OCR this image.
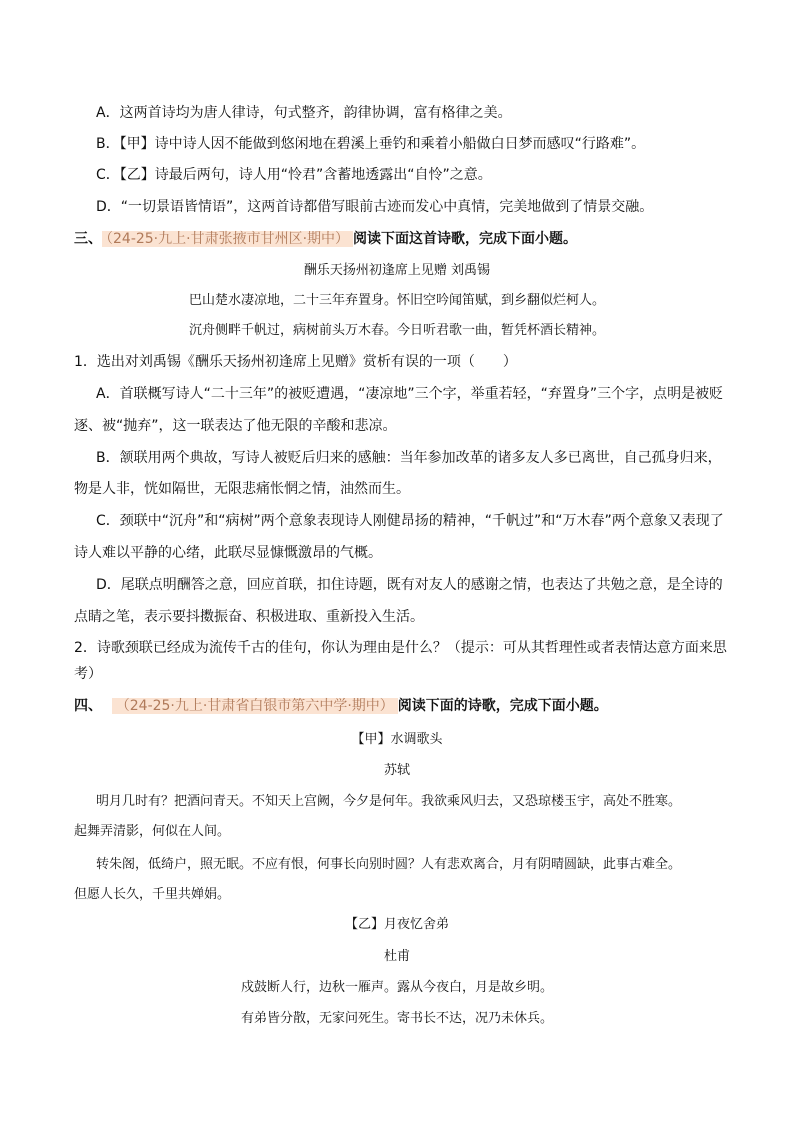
A．这两首诗均为唐人律诗，句式整齐，韵律协调，富有格律之美。
B．【甲】诗中诗人因不能做到悠闲地在碧溪上垂钓和乘着小船做白日梦而感叹“行路难”。
C．【乙】诗最后两句，诗人用“怜君”含蓄地透露出“自怜”之意。
D．“一切景语皆情语”，这两首诗都借写眼前古迹而发心中真情，完美地做到了情景交融。
三、 （24-25·九上·甘肃张掖市甘州区·期中） 阅读下面这首诗歌，完成下面小题。
酬乐天扬州初逢席上见赠 刘禹锡
巴山楚水凄凉地，二十三年弃置身。怀旧空吟闻笛赋，到乡翻似烂柯人。
沉舟侧畔千帆过，病树前头万木春。今日听君歌一曲，暂凭杯酒长精神。
1．选出对刘禹锡《酬乐天扬州初逢席上见赠》赏析有误的一项（　　）
A．首联概写诗人“二十三年”的被贬遭遇，“凄凉地”三个字，举重若轻，“弃置身”三个字，点明是被贬
逐、被“抛弃”，这一联表达了他无限的辛酸和悲凉。
B．颔联用两个典故，写诗人被贬后归来的感触：当年参加改革的诸多友人多已离世，自己孤身归来，
物是人非，恍如隔世，无限悲痛怅惘之情，油然而生。
C．颈联中“沉舟”和“病树”两个意象表现诗人刚健昂扬的精神，“千帆过”和“万木春”两个意象又表现了
诗人难以平静的心绪，此联尽显慷慨激昂的气概。
D．尾联点明酬答之意，回应首联，扣住诗题，既有对友人的感谢之情，也表达了共勉之意，是全诗的
点睛之笔，表示要抖擞振奋、积极进取、重新投入生活。
2．诗歌颈联已经成为流传千古的佳句，你认为理由是什么？（提示：可从其哲理性或者表情达意方面来思
考）
四、 （24-25·九上·甘肃省白银市第六中学·期中） 阅读下面的诗歌，完成下面小题。
【甲】水调歌头
苏轼
明月几时有？把酒问青天。不知天上宫阙，今夕是何年。我欲乘风归去，又恐琼楼玉宇，高处不胜寒。
起舞弄清影，何似在人间。
转朱阁，低绮户，照无眠。不应有恨，何事长向别时圆？人有悲欢离合，月有阴晴圆缺，此事古难全。
但愿人长久，千里共婵娟。
【乙】月夜忆舍弟
杜甫
戍鼓断人行，边秋一雁声。露从今夜白，月是故乡明。
有弟皆分散，无家问死生。寄书长不达，况乃未休兵。
